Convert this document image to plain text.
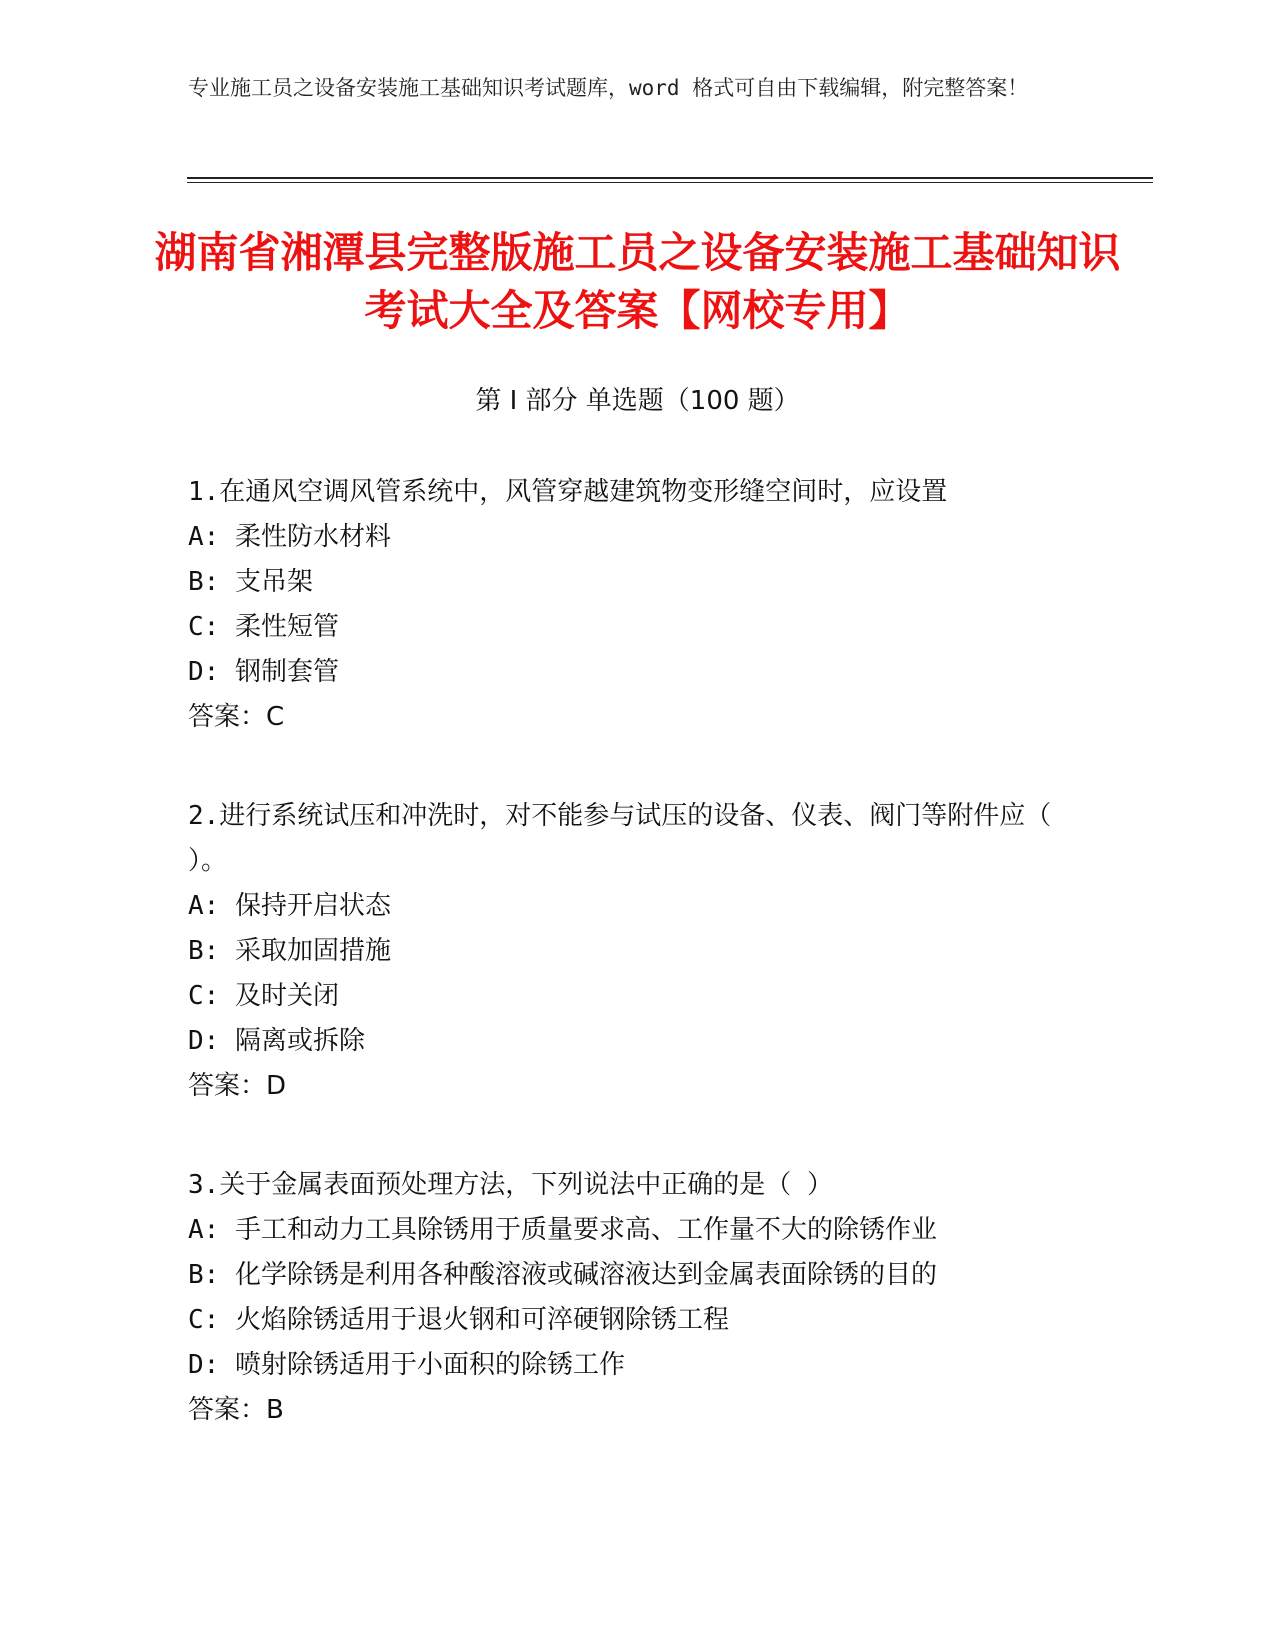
专业施工员之设备安装施工基础知识考试题库，word 格式可自由下载编辑，附完整答案！
湖南省湘潭县完整版施工员之设备安装施工基础知识考试大全及答案【网校专用】
第 I 部分 单选题（100 题）
1.在通风空调风管系统中，风管穿越建筑物变形缝空间时，应设置
A: 柔性防水材料
B: 支吊架
C: 柔性短管
D: 钢制套管
答案：C
2.进行系统试压和冲洗时，对不能参与试压的设备、仪表、阀门等附件应（ ）。
A: 保持开启状态
B: 采取加固措施
C: 及时关闭
D: 隔离或拆除
答案：D
3.关于金属表面预处理方法，下列说法中正确的是（ ）
A: 手工和动力工具除锈用于质量要求高、工作量不大的除锈作业
B: 化学除锈是利用各种酸溶液或碱溶液达到金属表面除锈的目的
C: 火焰除锈适用于退火钢和可淬硬钢除锈工程
D: 喷射除锈适用于小面积的除锈工作
答案：B
